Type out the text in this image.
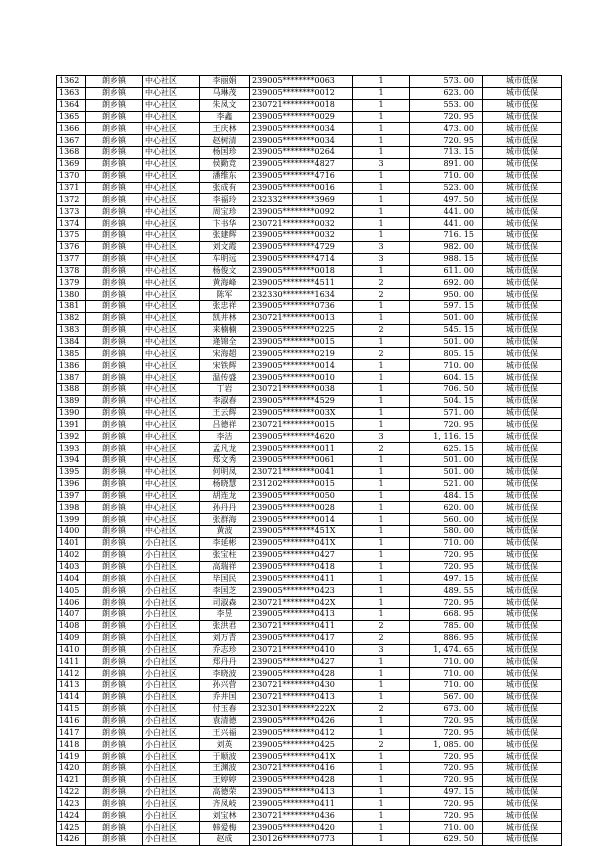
1362	朗乡镇	中心社区	李丽娟	239005********0063	1	573. 00	城市低保
1363	朗乡镇	中心社区	马琳茂	239005********0012	1	623. 00	城市低保
1364	朗乡镇	中心社区	朱凤文	230721********0018	1	553. 00	城市低保
1365	朗乡镇	中心社区	李鑫	239005********0029	1	720. 95	城市低保
1366	朗乡镇	中心社区	王庆林	239005********0034	1	473. 00	城市低保
1367	朗乡镇	中心社区	赵树清	239005********0034	1	720. 95	城市低保
1368	朗乡镇	中心社区	杨国珍	239005********0264	1	713. 15	城市低保
1369	朗乡镇	中心社区	侯勤竞	239005********4827	3	891. 00	城市低保
1370	朗乡镇	中心社区	潘维东	239005********4716	1	710. 00	城市低保
1371	朗乡镇	中心社区	张成有	239005********0016	1	523. 00	城市低保
1372	朗乡镇	中心社区	李福玲	232332********3969	1	497. 50	城市低保
1373	朗乡镇	中心社区	周宝珍	239005********0092	1	441. 00	城市低保
1374	朗乡镇	中心社区	卞书华	230721********0032	1	441. 00	城市低保
1375	朗乡镇	中心社区	张建辉	239005********0032	1	716. 15	城市低保
1376	朗乡镇	中心社区	刘文霞	239005********4729	3	982. 00	城市低保
1377	朗乡镇	中心社区	车明远	239005********4714	3	988. 15	城市低保
1378	朗乡镇	中心社区	杨俊文	239005********0018	1	611. 00	城市低保
1379	朗乡镇	中心社区	黄海峰	239005********4511	2	692. 00	城市低保
1380	朗乡镇	中心社区	陈军	232330********1634	2	950. 00	城市低保
1381	朗乡镇	中心社区	张忠祥	239005********0736	1	597. 15	城市低保
1382	朗乡镇	中心社区	凯井林	230721********0013	1	501. 00	城市低保
1383	朗乡镇	中心社区	来楠楠	239005********0225	2	545. 15	城市低保
1384	朗乡镇	中心社区	逄锦全	239005********0015	1	501. 00	城市低保
1385	朗乡镇	中心社区	宋海超	239005********0219	2	805. 15	城市低保
1386	朗乡镇	中心社区	宋铁辉	239005********0014	1	710. 00	城市低保
1387	朗乡镇	中心社区	温传盛	239005********0010	1	604. 15	城市低保
1388	朗乡镇	中心社区	丁岩	230721********0038	1	706. 50	城市低保
1389	朗乡镇	中心社区	李淑春	239005********4529	1	504. 15	城市低保
1390	朗乡镇	中心社区	王云辉	239005********003X	1	571. 00	城市低保
1391	朗乡镇	中心社区	吕德祥	230721********0015	1	720. 95	城市低保
1392	朗乡镇	中心社区	李洁	239005********4620	3	1, 116. 15	城市低保
1393	朗乡镇	中心社区	孟凡龙	239005********0011	2	625. 15	城市低保
1394	朗乡镇	中心社区	郑文秀	239005********0061	1	501. 00	城市低保
1395	朗乡镇	中心社区	何明凤	230721********0041	1	501. 00	城市低保
1396	朗乡镇	中心社区	杨晓慧	231202********0015	1	521. 00	城市低保
1397	朗乡镇	中心社区	胡连龙	239005********0050	1	484. 15	城市低保
1398	朗乡镇	中心社区	孙丹丹	239005********0028	1	620. 00	城市低保
1399	朗乡镇	中心社区	张群海	239005********0014	1	560. 00	城市低保
1400	朗乡镇	中心社区	黄波	239005********451X	1	580. 00	城市低保
1401	朗乡镇	小白社区	李延彬	239005********041X	1	710. 00	城市低保
1402	朗乡镇	小白社区	张宝柱	239005********0427	1	720. 95	城市低保
1403	朗乡镇	小白社区	高瑞祥	239005********0418	1	720. 95	城市低保
1404	朗乡镇	小白社区	毕国民	239005********0411	1	497. 15	城市低保
1405	朗乡镇	小白社区	李国芝	239005********0423	1	489. 55	城市低保
1406	朗乡镇	小白社区	司淑森	230721********042X	1	720. 95	城市低保
1407	朗乡镇	小白社区	李昱	239005********0413	1	668. 95	城市低保
1408	朗乡镇	小白社区	张洪君	230721********0411	2	785. 00	城市低保
1409	朗乡镇	小白社区	刘万青	239005********0417	2	886. 95	城市低保
1410	朗乡镇	小白社区	乔志珍	230721********0410	3	1, 474. 65	城市低保
1411	朗乡镇	小白社区	郑丹丹	239005********0427	1	710. 00	城市低保
1412	朗乡镇	小白社区	李晓波	239005********0428	1	710. 00	城市低保
1413	朗乡镇	小白社区	孙兴营	230721********0430	1	710. 00	城市低保
1414	朗乡镇	小白社区	乔井国	230721********0413	1	567. 00	城市低保
1415	朗乡镇	小白社区	付玉春	232301********222X	2	673. 00	城市低保
1416	朗乡镇	小白社区	袁清德	239005********0426	1	720. 95	城市低保
1417	朗乡镇	小白社区	王兴福	239005********0412	1	720. 95	城市低保
1418	朗乡镇	小白社区	刘英	239005********0425	2	1, 085. 00	城市低保
1419	朗乡镇	小白社区	于顺波	239005********041X	1	720. 95	城市低保
1420	朗乡镇	小白社区	王渊波	230721********0416	1	720. 95	城市低保
1421	朗乡镇	小白社区	王婷婷	239005********0428	1	720. 95	城市低保
1422	朗乡镇	小白社区	高德荣	239005********0413	1	497. 15	城市低保
1423	朗乡镇	小白社区	齐凤岐	239005********0411	1	720. 95	城市低保
1424	朗乡镇	小白社区	刘宝林	230721********0436	1	720. 95	城市低保
1425	朗乡镇	小白社区	韩爱梅	239005********0420	1	710. 00	城市低保
1426	朗乡镇	小白社区	赵成	230126********0773	1	629. 50	城市低保
